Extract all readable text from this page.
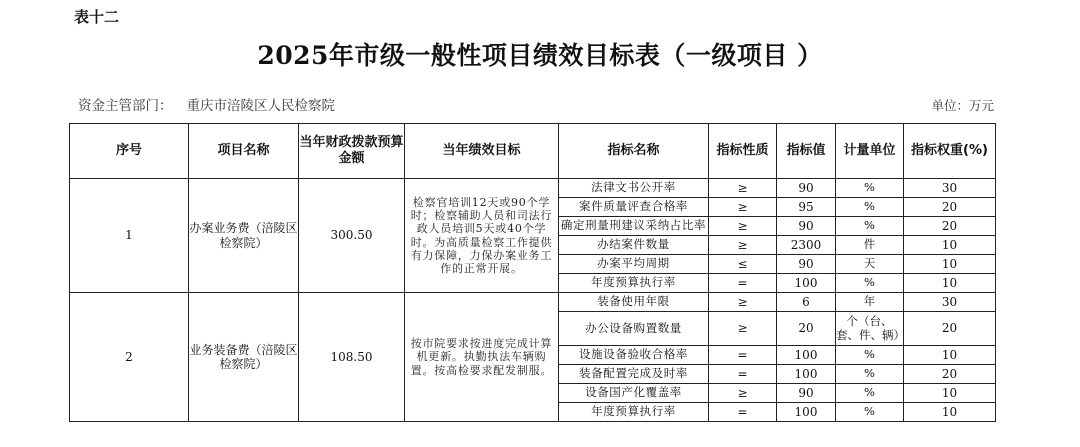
表十二
2025年市级一般性项目绩效目标表（一级项目 ）
资金主管部门： 重庆市涪陵区人民检察院	单位：万元
序号	项目名称	当年财政拨款预算金额	当年绩效目标	指标名称	指标性质	指标值	计量单位	指标权重(%)
1	办案业务费（涪陵区检察院）	300.50	检察官培训12天或90个学时；检察辅助人员和司法行政人员培训5天或40个学时。为高质量检察工作提供有力保障，力保办案业务工作的正常开展。	法律文书公开率	≥	90	%	30
				案件质量评查合格率	≥	95	%	20
				确定刑量刑建议采纳占比率	≥	90	%	20
				办结案件数量	≥	2300	件	10
				办案平均周期	≤	90	天	10
				年度预算执行率	=	100	%	10
2	业务装备费（涪陵区检察院）	108.50	按市院要求按进度完成计算机更新。执勤执法车辆购置。按高检要求配发制服。	装备使用年限	≥	6	年	30
				办公设备购置数量	≥	20	个（台、套、件、辆）	20
				设施设备验收合格率	=	100	%	10
				装备配置完成及时率	=	100	%	20
				设备国产化覆盖率	≥	90	%	10
				年度预算执行率	=	100	%	10
